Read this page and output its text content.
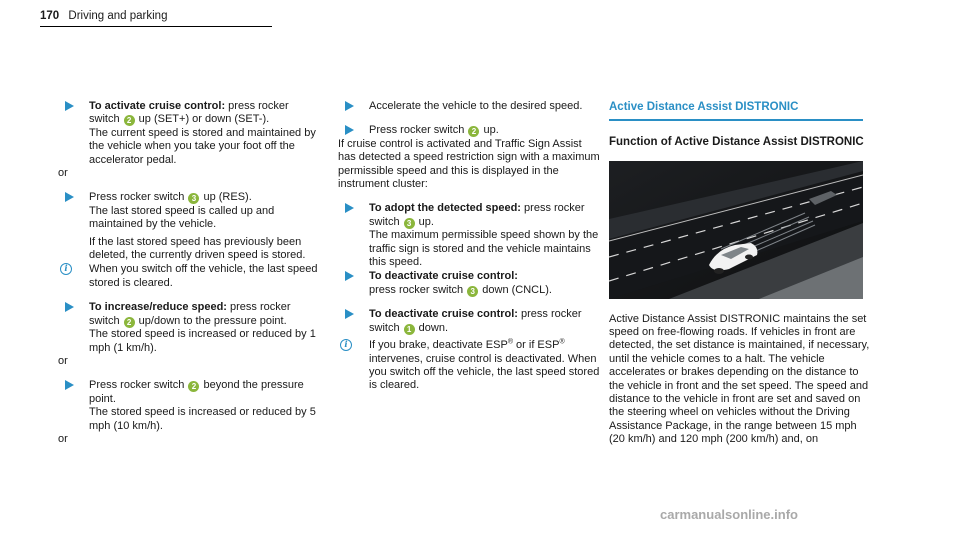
170 Driving and parking

To activate cruise control: press rocker switch 2 up (SET+) or down (SET-).

The current speed is stored and maintained by the vehicle when you take your foot off the accelerator pedal.

or

Press rocker switch 3 up (RES).

The last stored speed is called up and maintained by the vehicle.

If the last stored speed has previously been deleted, the currently driven speed is stored.

i	When you switch off the vehicle, the last speed stored is cleared.

To increase/reduce speed: press rocker switch 2 up/down to the pressure point.

The stored speed is increased or reduced by 1 mph (1 km/h).

or

Press rocker switch 2 beyond the pressure point.

The stored speed is increased or reduced by 5 mph (10 km/h).

or

Accelerate the vehicle to the desired speed.

Press rocker switch 2 up.

If cruise control is activated and Traffic Sign Assist has detected a speed restriction sign with a maximum permissible speed and this is displayed in the instrument cluster:

To adopt the detected speed: press rocker switch 3 up.

The maximum permissible speed shown by the traffic sign is stored and the vehicle maintains this speed.

To deactivate cruise control:

press rocker switch 3 down (CNCL).

To deactivate cruise control: press rocker switch 1 down.

i	If you brake, deactivate ESP® or if ESP® intervenes, cruise control is deactivated. When you switch off the vehicle, the last speed stored is cleared.

Active Distance Assist DISTRONIC
Function of Active Distance Assist DISTRONIC

Active Distance Assist DISTRONIC maintains the set speed on free-flowing roads. If vehicles in front are detected, the set distance is maintained, if necessary, until the vehicle comes to a halt. The vehicle accelerates or brakes depending on the distance to the vehicle in front and the set speed. The speed and distance to the vehicle in front are set and saved on the steering wheel on vehicles without the Driving Assistance Package, in the range between 15 mph (20 km/h) and 120 mph (200 km/h) and, on

carmanualsonline.info
